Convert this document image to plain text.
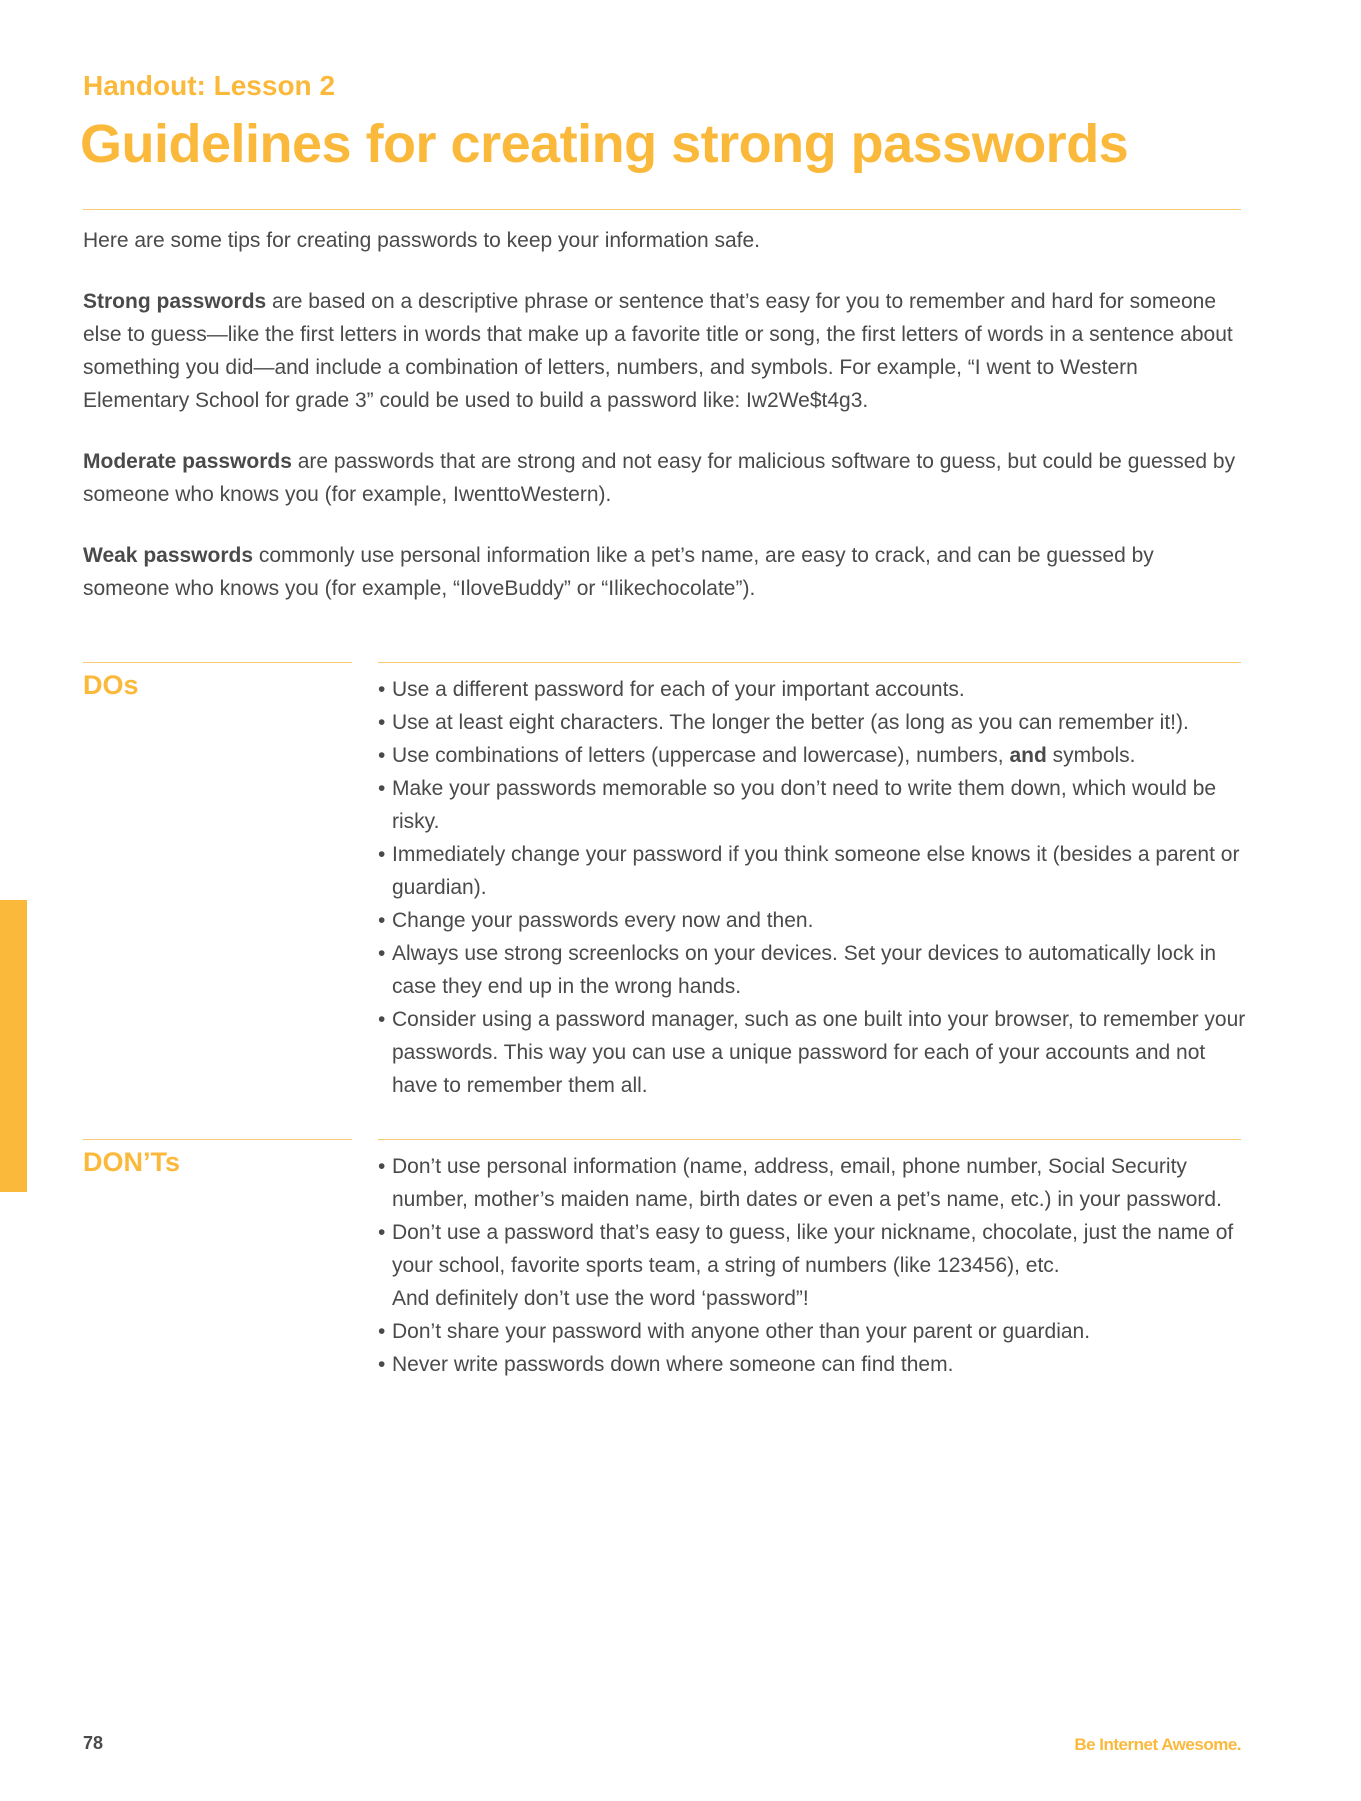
Handout: Lesson 2
Guidelines for creating strong passwords

Here are some tips for creating passwords to keep your information safe.

Strong passwords are based on a descriptive phrase or sentence that’s easy for you to remember and hard for someone else to guess—like the first letters in words that make up a favorite title or song, the first letters of words in a sentence about something you did—and include a combination of letters, numbers, and symbols. For example, “I went to Western Elementary School for grade 3” could be used to build a password like: Iw2We$t4g3.

Moderate passwords are passwords that are strong and not easy for malicious software to guess, but could be guessed by someone who knows you (for example, IwenttoWestern).

Weak passwords commonly use personal information like a pet’s name, are easy to crack, and can be guessed by someone who knows you (for example, “IloveBuddy” or “Ilikechocolate”).

DOs	• Use a different password for each of your important accounts.
• Use at least eight characters. The longer the better (as long as you can remember it!).
• Use combinations of letters (uppercase and lowercase), numbers, and symbols.
• Make your passwords memorable so you don’t need to write them down, which would be risky.
• Immediately change your password if you think someone else knows it (besides a parent or guardian).
• Change your passwords every now and then.
• Always use strong screenlocks on your devices. Set your devices to automatically lock in case they end up in the wrong hands.
• Consider using a password manager, such as one built into your browser, to remember your passwords. This way you can use a unique password for each of your accounts and not have to remember them all.
DON’Ts	• Don’t use personal information (name, address, email, phone number, Social Security number, mother’s maiden name, birth dates or even a pet’s name, etc.) in your password.
• Don’t use a password that’s easy to guess, like your nickname, chocolate, just the name of your school, favorite sports team, a string of numbers (like 123456), etc.
And definitely don’t use the word ‘password”!
• Don’t share your password with anyone other than your parent or guardian.
• Never write passwords down where someone can find them.
78	Be Internet Awesome.
